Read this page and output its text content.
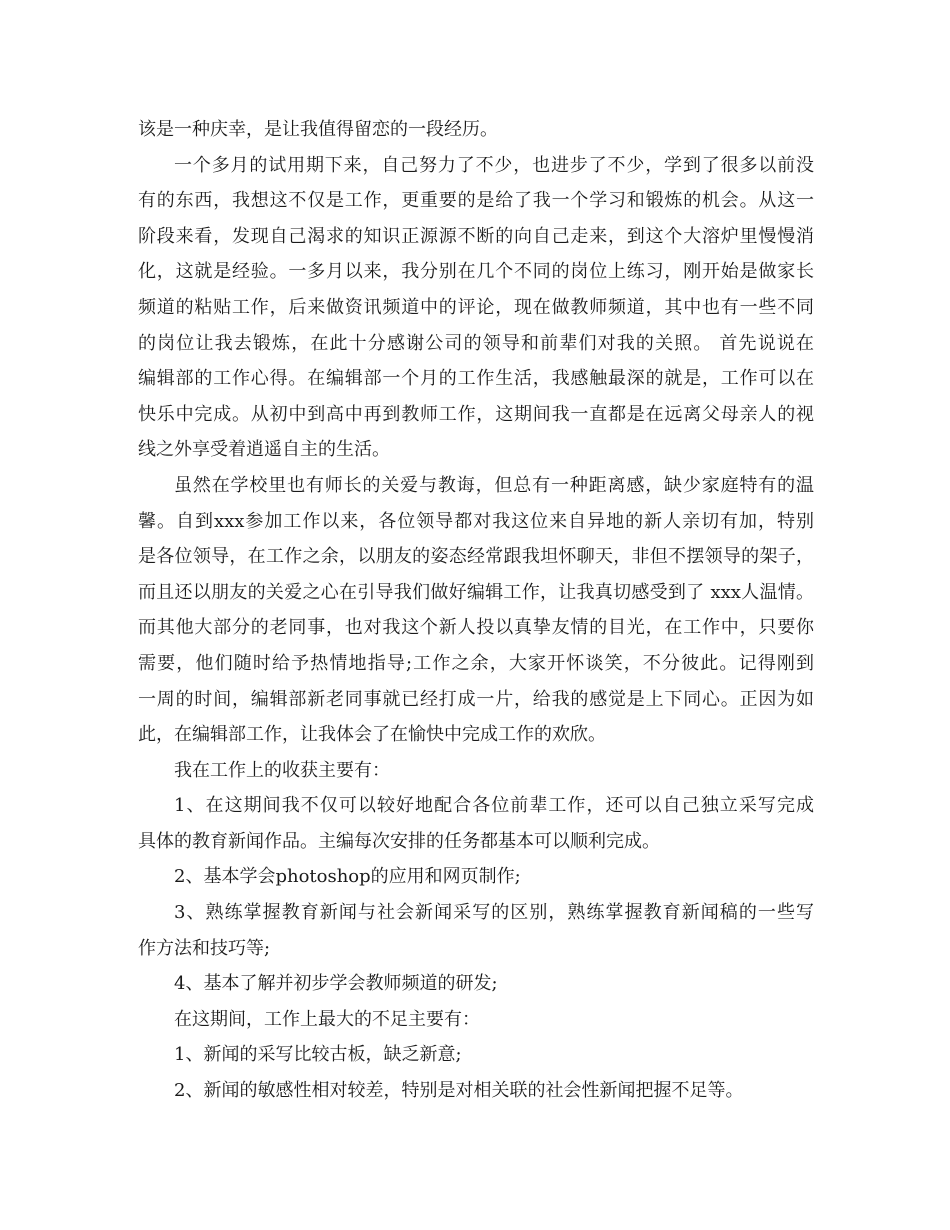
该是一种庆幸，是让我值得留恋的一段经历。
一个多月的试用期下来，自己努力了不少，也进步了不少，学到了很多以前没
有的东西，我想这不仅是工作，更重要的是给了我一个学习和锻炼的机会。从这一
阶段来看，发现自己渴求的知识正源源不断的向自己走来，到这个大溶炉里慢慢消
化，这就是经验。一多月以来，我分别在几个不同的岗位上练习，刚开始是做家长
频道的粘贴工作，后来做资讯频道中的评论，现在做教师频道，其中也有一些不同
的岗位让我去锻炼，在此十分感谢公司的领导和前辈们对我的关照。 首先说说在
编辑部的工作心得。在编辑部一个月的工作生活，我感触最深的就是，工作可以在
快乐中完成。从初中到高中再到教师工作，这期间我一直都是在远离父母亲人的视
线之外享受着逍遥自主的生活。
虽然在学校里也有师长的关爱与教诲，但总有一种距离感，缺少家庭特有的温
馨。自到xxx参加工作以来，各位领导都对我这位来自异地的新人亲切有加，特别
是各位领导，在工作之余，以朋友的姿态经常跟我坦怀聊天，非但不摆领导的架子，
而且还以朋友的关爱之心在引导我们做好编辑工作，让我真切感受到了 xxx人温情。
而其他大部分的老同事，也对我这个新人投以真挚友情的目光，在工作中，只要你
需要，他们随时给予热情地指导;工作之余，大家开怀谈笑，不分彼此。记得刚到
一周的时间，编辑部新老同事就已经打成一片，给我的感觉是上下同心。正因为如
此，在编辑部工作，让我体会了在愉快中完成工作的欢欣。
我在工作上的收获主要有：
1、在这期间我不仅可以较好地配合各位前辈工作，还可以自己独立采写完成
具体的教育新闻作品。主编每次安排的任务都基本可以顺利完成。
2、基本学会photoshop的应用和网页制作;
3、熟练掌握教育新闻与社会新闻采写的区别，熟练掌握教育新闻稿的一些写
作方法和技巧等;
4、基本了解并初步学会教师频道的研发;
在这期间，工作上最大的不足主要有：
1、新闻的采写比较古板，缺乏新意;
2、新闻的敏感性相对较差，特别是对相关联的社会性新闻把握不足等。
